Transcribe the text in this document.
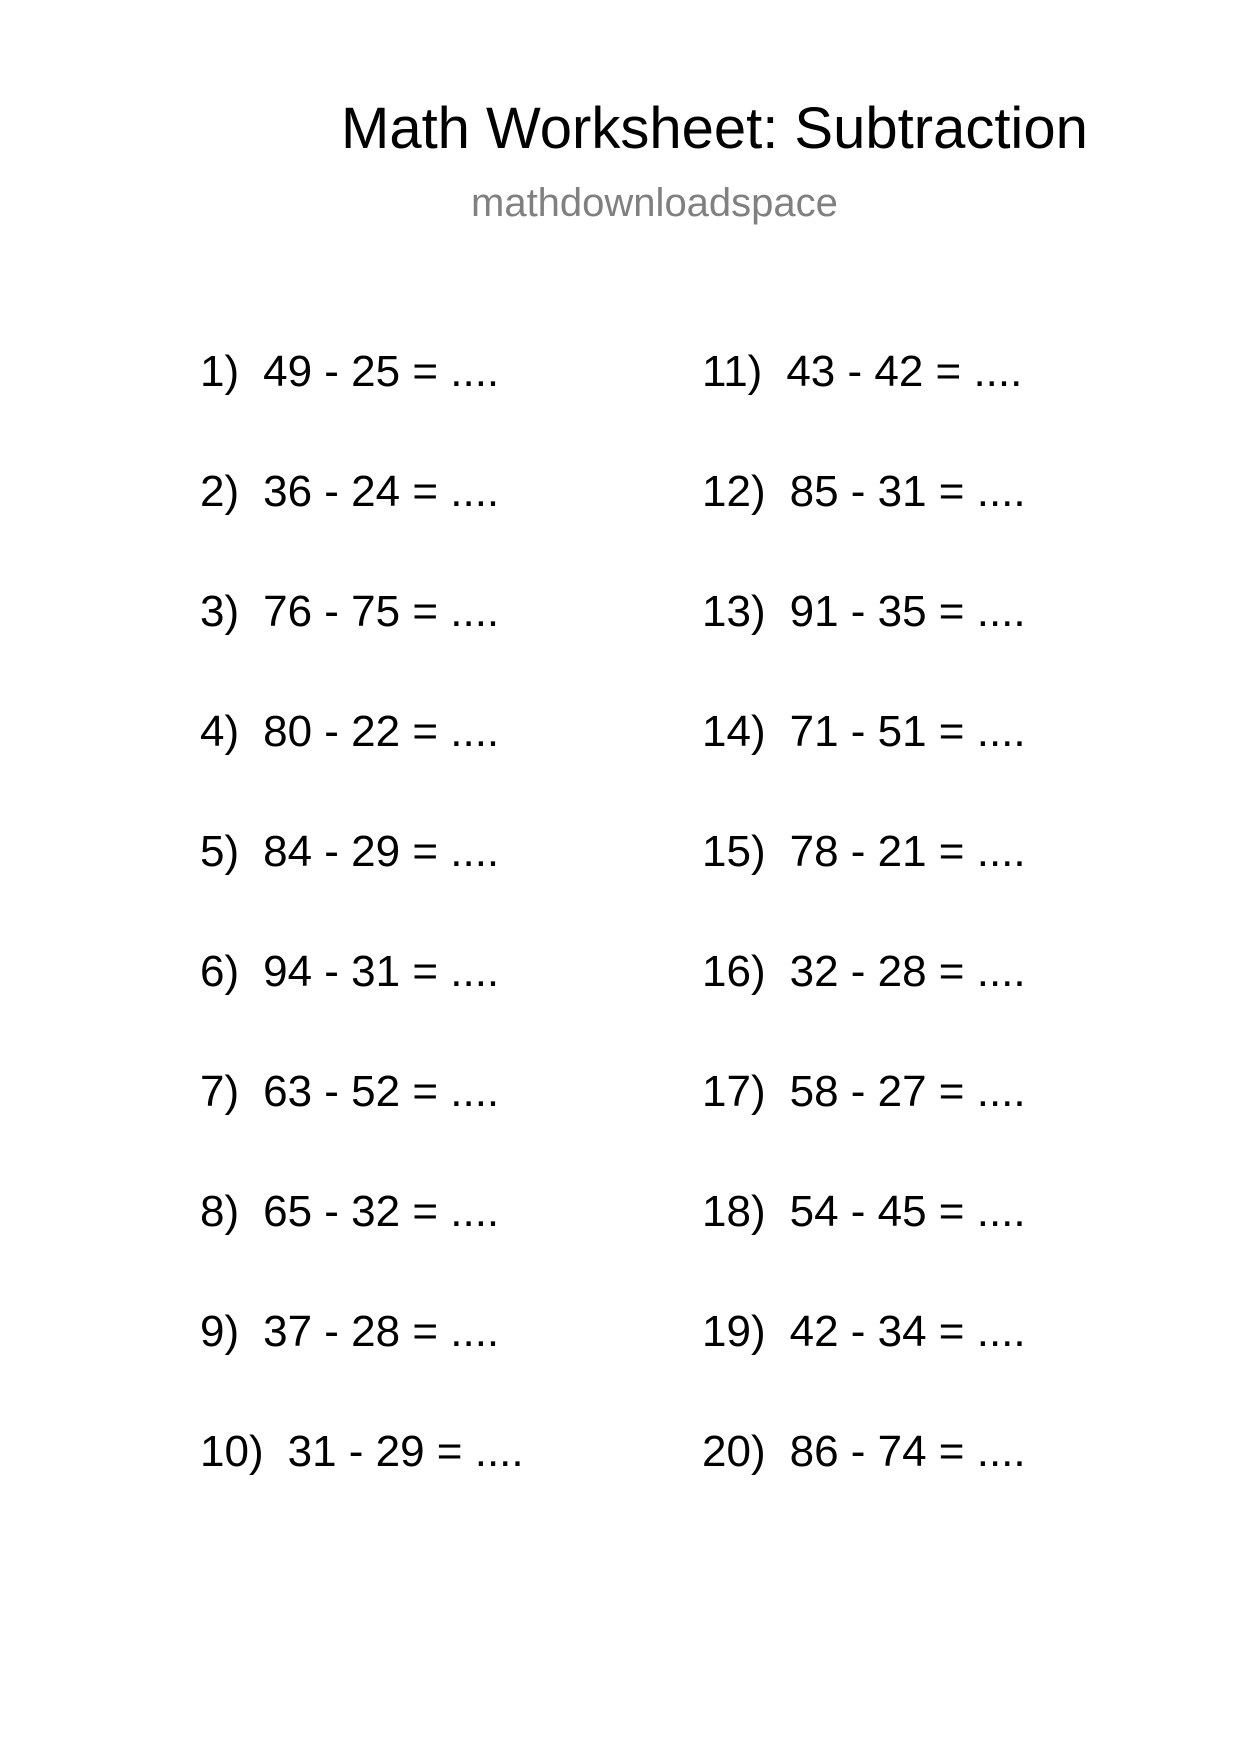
Math Worksheet: Subtraction
mathdownloadspace
1) 49 - 25 = ....
2) 36 - 24 = ....
3) 76 - 75 = ....
4) 80 - 22 = ....
5) 84 - 29 = ....
6) 94 - 31 = ....
7) 63 - 52 = ....
8) 65 - 32 = ....
9) 37 - 28 = ....
10) 31 - 29 = ....
11) 43 - 42 = ....
12) 85 - 31 = ....
13) 91 - 35 = ....
14) 71 - 51 = ....
15) 78 - 21 = ....
16) 32 - 28 = ....
17) 58 - 27 = ....
18) 54 - 45 = ....
19) 42 - 34 = ....
20) 86 - 74 = ....
